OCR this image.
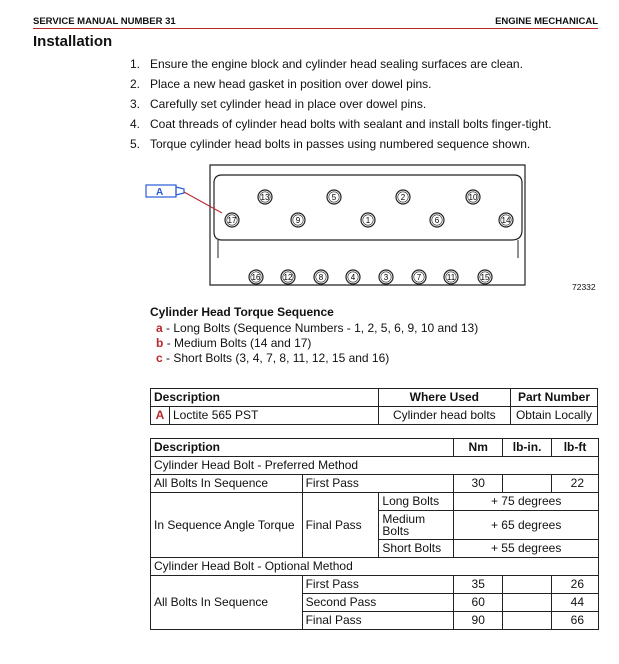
SERVICE MANUAL NUMBER 31	ENGINE MECHANICAL
Installation
1. Ensure the engine block and cylinder head sealing surfaces are clean.
2. Place a new head gasket in position over dowel pins.
3. Carefully set cylinder head in place over dowel pins.
4. Coat threads of cylinder head bolts with sealant and install bolts finger-tight.
5. Torque cylinder head bolts in passes using numbered sequence shown.
A	13	5	2	10
17	9	1	6	14
16	12	8	4	3	7	11	15
72332
Cylinder Head Torque Sequence
a - Long Bolts (Sequence Numbers - 1, 2, 5, 6, 9, 10 and 13)
b - Medium Bolts (14 and 17)
c - Short Bolts (3, 4, 7, 8, 11, 12, 15 and 16)
Description		Where Used	Part Number
A	Loctite 565 PST	Cylinder head bolts	Obtain Locally
Description			Nm	lb-in.	lb-ft
Cylinder Head Bolt - Preferred Method					
All Bolts In Sequence	First Pass		30		22
In Sequence Angle Torque	Final Pass	Long Bolts	+ 75 degrees		
		Medium Bolts	+ 65 degrees		
		Short Bolts	+ 55 degrees		
Cylinder Head Bolt - Optional Method					
All Bolts In Sequence	First Pass		35		26
	Second Pass		60		44
	Final Pass		90		66
